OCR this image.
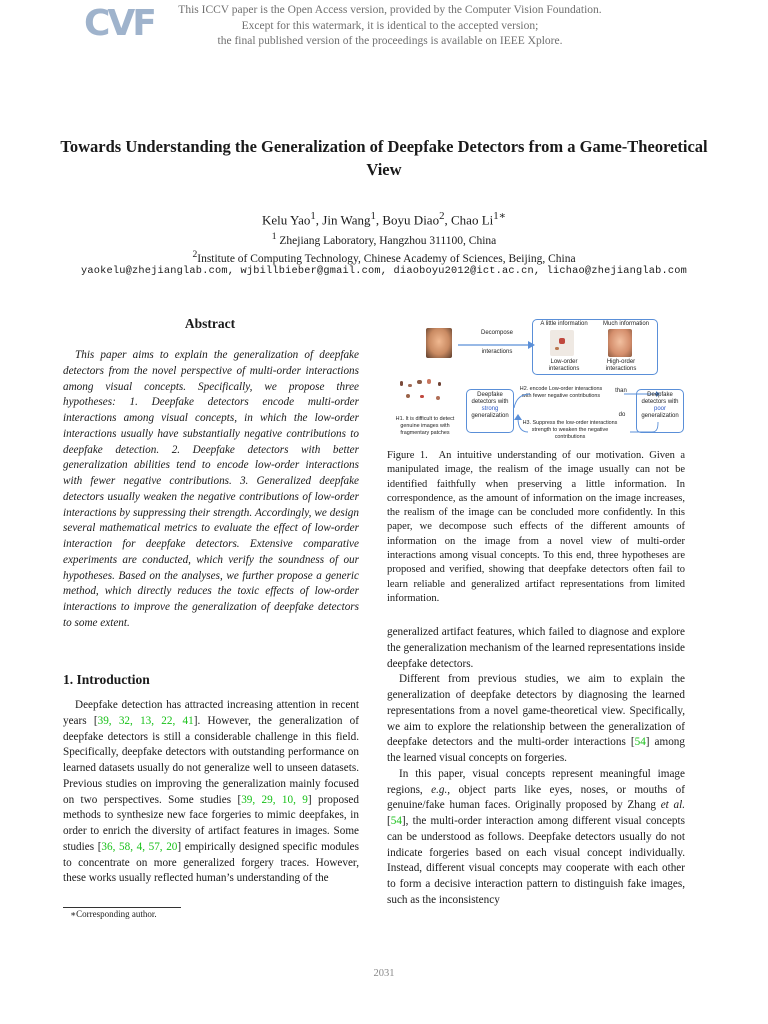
CVF	This ICCV paper is the Open Access version, provided by the Computer Vision Foundation.
Except for this watermark, it is identical to the accepted version;
the final published version of the proceedings is available on IEEE Xplore.
Towards Understanding the Generalization of Deepfake Detectors from a Game-Theoretical View
Kelu Yao$^1$, Jin Wang$^1$, Boyu Diao$^2$, Chao $Li^{1∗}$
$^1$ Zhejiang Laboratory, Hangzhou 311100, China
$^2$Institute of Computing Technology, Chinese Academy of Sciences, Beijing, China
yaokelu@zhejianglab.com, wjbillbieber@gmail.com, diaoboyu2012@ict.ac.cn, lichao@zhejianglab.com
Abstract
This paper aims to explain the generalization of deepfake detectors from the novel perspective of multi-order interactions among visual concepts. Specifically, we propose three hypotheses: 1. Deepfake detectors encode multi-order interactions among visual concepts, in which the low-order interactions usually have substantially negative contributions to deepfake detection. 2. Deepfake detectors with better generalization abilities tend to encode low-order interactions with fewer negative contributions. 3. Generalized deepfake detectors usually weaken the negative contributions of low-order interactions by suppressing their strength. Accordingly, we design several mathematical metrics to evaluate the effect of low-order interaction for deepfake detectors. Extensive comparative experiments are conducted, which verify the soundness of our hypotheses. Based on the analyses, we further propose a generic method, which directly reduces the toxic effects of low-order interactions to improve the generalization of deepfake detectors to some extent.
1. Introduction

Deepfake detection has attracted increasing attention in recent years [39, 32, 13, 22, 41]. However, the generalization of deepfake detectors is still a considerable challenge in this field. Specifically, deepfake detectors with outstanding performance on learned datasets usually do not generalize well to unseen datasets. Previous studies on improving the generalization mainly focused on two perspectives. Some studies [39, 29, 10, 9] proposed methods to synthesize new face forgeries to mimic deepfakes, in order to enrich the diversity of artifact features in images. Some studies [36, 58, 4, 57, 20] empirically designed specific modules to concentrate on more generalized forgery traces. However, these works usually reflected human’s understanding of the

∗Corresponding author.
Decompose
interactions
A little information	Much information
Low-order interactions
High-order interactions
H1. It is difficult to detect genuine images with fragmentary patches
Deepfake
detectors with
strong
generalization
H2. encode Low-order interactions with fewer negative contributions
H3. Suppress the low-order interactions strength to weaken the negative contributions
than
do
Deepfake
detectors with
poor
generalization
Figure 1. An intuitive understanding of our motivation. Given a manipulated image, the realism of the image usually can not be identified faithfully when preserving a little information. In correspondence, as the amount of information on the image increases, the realism of the image can be concluded more confidently. In this paper, we decompose such effects of the different amounts of information on the image from a novel view of multi-order interactions among visual concepts. To this end, three hypotheses are proposed and verified, showing that deepfake detectors often fail to learn reliable and generalized artifact representations from limited information.

generalized artifact features, which failed to diagnose and explore the generalization mechanism of the learned representations inside deepfake detectors.

Different from previous studies, we aim to explain the generalization of deepfake detectors by diagnosing the learned representations from a novel game-theoretical view. Specifically, we aim to explore the relationship between the generalization of deepfake detectors and the multi-order interactions [54] among the learned visual concepts on forgeries.

In this paper, visual concepts represent meaningful image regions, e.g., object parts like eyes, noses, or mouths of genuine/fake human faces. Originally proposed by Zhang et al. [54], the multi-order interaction among different visual concepts can be understood as follows. Deepfake detectors usually do not indicate forgeries based on each visual concept individually. Instead, different visual concepts may cooperate with each other to form a decisive interaction pattern to distinguish fake images, such as the inconsistency

2031
